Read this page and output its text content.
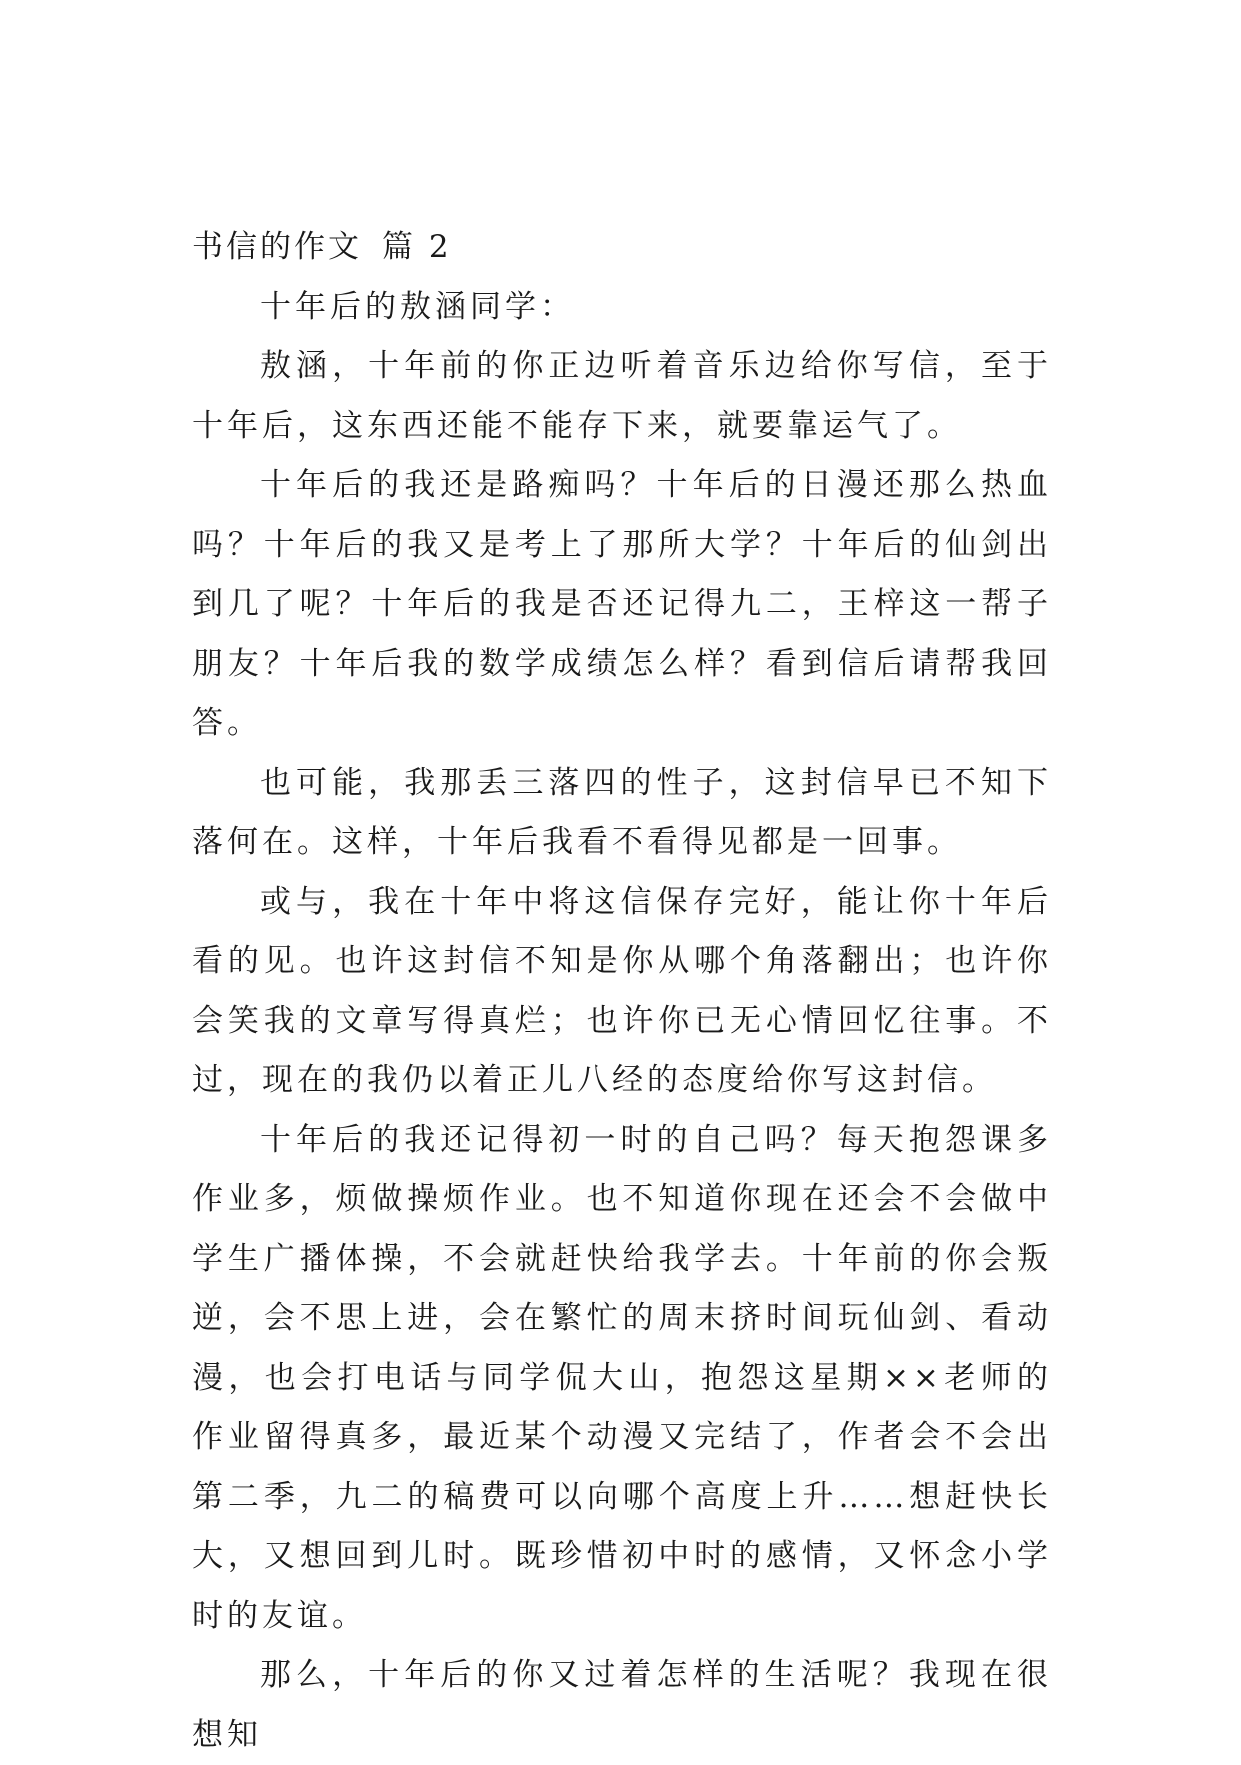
书信的作文 篇 2

十年后的敖涵同学：

敖涵，十年前的你正边听着音乐边给你写信，至于十年后，这东西还能不能存下来，就要靠运气了。

十年后的我还是路痴吗？十年后的日漫还那么热血吗？十年后的我又是考上了那所大学？十年后的仙剑出到几了呢？十年后的我是否还记得九二，王梓这一帮子朋友？十年后我的数学成绩怎么样？看到信后请帮我回答。

也可能，我那丢三落四的性子，这封信早已不知下落何在。这样，十年后我看不看得见都是一回事。

或与，我在十年中将这信保存完好，能让你十年后看的见。也许这封信不知是你从哪个角落翻出；也许你会笑我的文章写得真烂；也许你已无心情回忆往事。不过，现在的我仍以着正儿八经的态度给你写这封信。

十年后的我还记得初一时的自己吗？每天抱怨课多作业多，烦做操烦作业。也不知道你现在还会不会做中学生广播体操，不会就赶快给我学去。十年前的你会叛逆，会不思上进，会在繁忙的周末挤时间玩仙剑、看动漫，也会打电话与同学侃大山，抱怨这星期××老师的作业留得真多，最近某个动漫又完结了，作者会不会出第二季，九二的稿费可以向哪个高度上升……想赶快长大，又想回到儿时。既珍惜初中时的感情，又怀念小学时的友谊。

那么，十年后的你又过着怎样的生活呢？我现在很想知
